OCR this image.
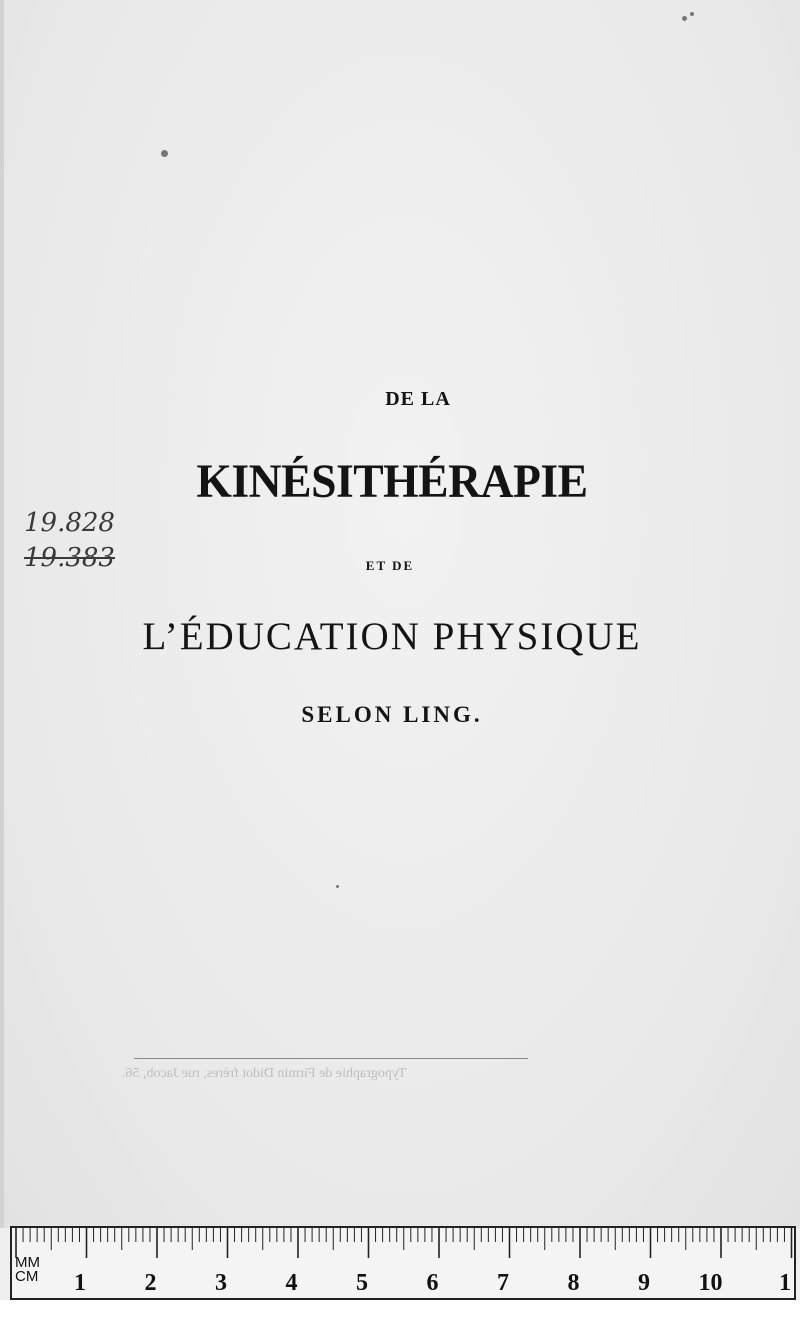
DE LA
KINÉSITHÉRAPIE
ET DE
L’ÉDUCATION PHYSIQUE
SELON LING.
19.828
19.383
Typographie de Firmin Didot frères, rue Jacob, 56.
MM
CM 1 2 3 4 5 6 7 8 9 10 1
